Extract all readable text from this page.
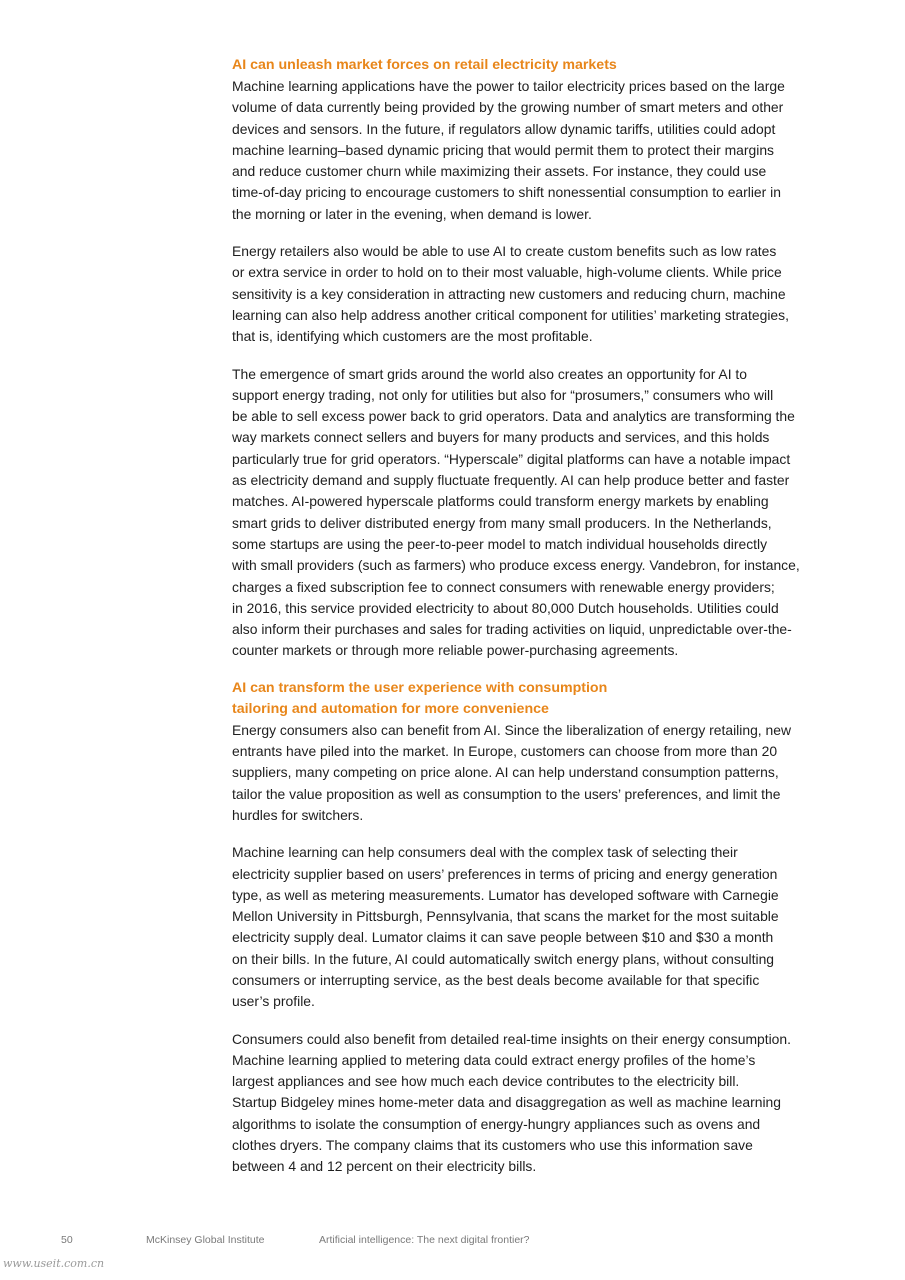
AI can unleash market forces on retail electricity markets

Machine learning applications have the power to tailor electricity prices based on the large
volume of data currently being provided by the growing number of smart meters and other
devices and sensors. In the future, if regulators allow dynamic tariffs, utilities could adopt
machine learning–based dynamic pricing that would permit them to protect their margins
and reduce customer churn while maximizing their assets. For instance, they could use
time-of-day pricing to encourage customers to shift nonessential consumption to earlier in
the morning or later in the evening, when demand is lower.

Energy retailers also would be able to use AI to create custom benefits such as low rates
or extra service in order to hold on to their most valuable, high-volume clients. While price
sensitivity is a key consideration in attracting new customers and reducing churn, machine
learning can also help address another critical component for utilities’ marketing strategies,
that is, identifying which customers are the most profitable.

The emergence of smart grids around the world also creates an opportunity for AI to
support energy trading, not only for utilities but also for “prosumers,” consumers who will
be able to sell excess power back to grid operators. Data and analytics are transforming the
way markets connect sellers and buyers for many products and services, and this holds
particularly true for grid operators. “Hyperscale” digital platforms can have a notable impact
as electricity demand and supply fluctuate frequently. AI can help produce better and faster
matches. AI-powered hyperscale platforms could transform energy markets by enabling
smart grids to deliver distributed energy from many small producers. In the Netherlands,
some startups are using the peer-to-peer model to match individual households directly
with small providers (such as farmers) who produce excess energy. Vandebron, for instance,
charges a fixed subscription fee to connect consumers with renewable energy providers;
in 2016, this service provided electricity to about 80,000 Dutch households. Utilities could
also inform their purchases and sales for trading activities on liquid, unpredictable over-the-
counter markets or through more reliable power-purchasing agreements.

AI can transform the user experience with consumption
tailoring and automation for more convenience

Energy consumers also can benefit from AI. Since the liberalization of energy retailing, new
entrants have piled into the market. In Europe, customers can choose from more than 20
suppliers, many competing on price alone. AI can help understand consumption patterns,
tailor the value proposition as well as consumption to the users’ preferences, and limit the
hurdles for switchers.

Machine learning can help consumers deal with the complex task of selecting their
electricity supplier based on users’ preferences in terms of pricing and energy generation
type, as well as metering measurements. Lumator has developed software with Carnegie
Mellon University in Pittsburgh, Pennsylvania, that scans the market for the most suitable
electricity supply deal. Lumator claims it can save people between $10 and $30 a month
on their bills. In the future, AI could automatically switch energy plans, without consulting
consumers or interrupting service, as the best deals become available for that specific
user’s profile.

Consumers could also benefit from detailed real-time insights on their energy consumption.
Machine learning applied to metering data could extract energy profiles of the home’s
largest appliances and see how much each device contributes to the electricity bill.
Startup Bidgeley mines home-meter data and disaggregation as well as machine learning
algorithms to isolate the consumption of energy-hungry appliances such as ovens and
clothes dryers. The company claims that its customers who use this information save
between 4 and 12 percent on their electricity bills.

50	McKinsey Global Institute	Artificial intelligence: The next digital frontier?
www.useit.com.cn
